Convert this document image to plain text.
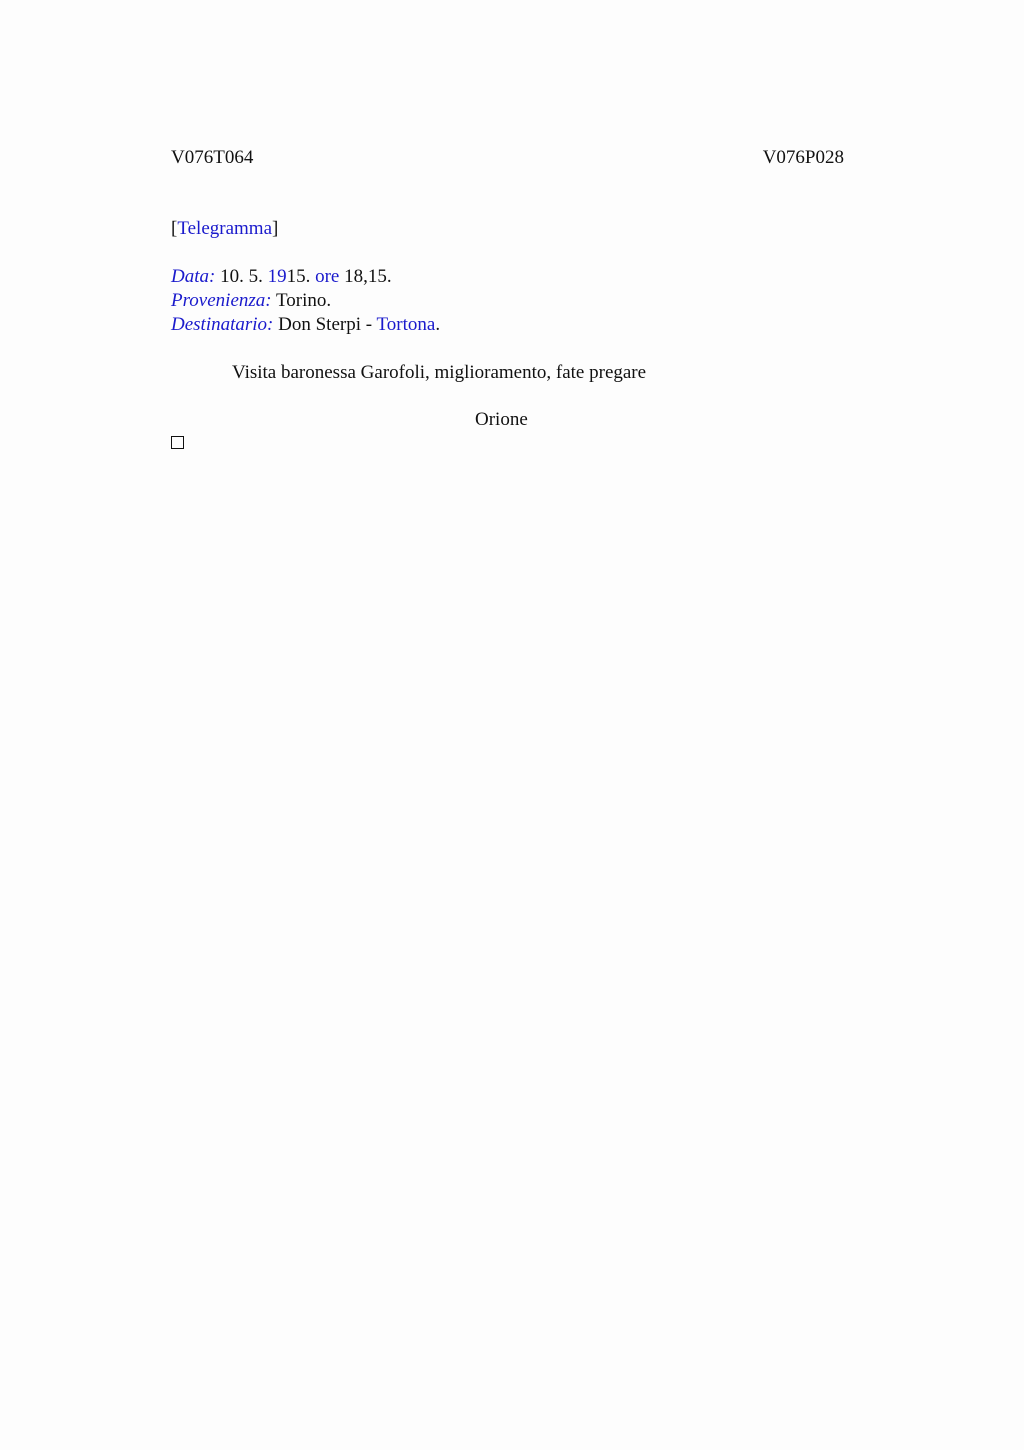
V076T064	V076P028
[Telegramma]
Data: 10. 5. 1915. ore 18,15.
Provenienza: Torino.
Destinatario: Don Sterpi - Tortona.
Visita baronessa Garofoli, miglioramento, fate pregare
Orione
